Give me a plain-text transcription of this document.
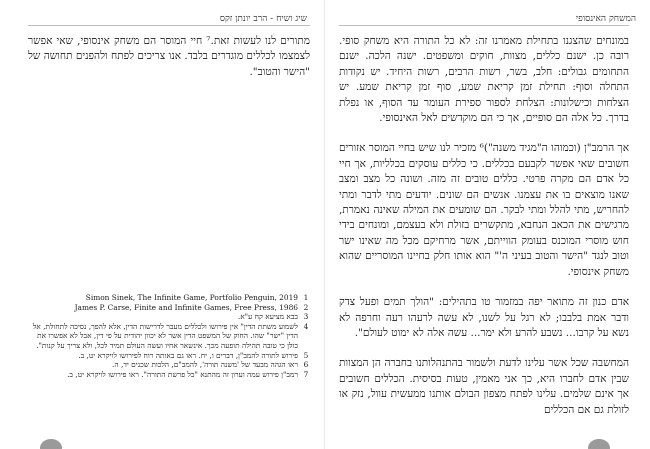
שיג ושיח - הרב יונתן זקס
מתורים לנו לעשות זאת.⁷ חיי המוסר הם משחק אינסופי, שאי אפשר לצמצמו לכללים מוגדרים בלבד. אנו צריכים לפתח ולהפנים תחושה של "הישר והטוב".
Simon Sinek, The Infinite Game, Portfolio Penguin, 2019 1
James P. Carse, Finite and Infinite Games, Free Press, 1986 2
בבא מציעא קח ע"א. 3
לשמוע משתת הדין" אין פירושו ולכללים מעבר לדרישות הדין, אלא להפך, נסיכה לתחולת, אל הדין "ישר" שהו. החוק של המשפט הדין אשר לא יכוון יהודית על פי דין, אבל לא אפשרו את כולן כי טובה תהילה תופעה מכך. אינשאר אחיו ועשה העולם תמיד לכל, ולא צריך על קנות".
4
פירוש לתורה להמב"ן, דברים ו, יח. ראו גם באותה רוח לפירושו לויקרא יט, ב. 5
ראו הגהה מבעד של 'משנה תורה', להמב"ם, הלכות שכנים יד, ה. 6
רמב"ן פירוש עמה וערון זה מהתנא "כל פרשת התורה". ראו פירושו לויקרא יט, ב. 7
המשחק האינסופי

במונחים שהצגנו בתחילת מאמרנו זה: לא כל התורה היא משחק סופי. רובה כן. ישנם כללים, מצוות, חוקים ומשפטים. ישנה הלכה. ישנם התחומים גבולים: חלב, בשר, רשות הרבים, רשות היחיד. יש נקודות התחלה וסוף: תחילת זמן קריאת שמע, סוף זמן קריאת שמע. יש הצלחות וכישלונות: הצלחת לספור ספירת העומר עד הסוף, או נפלת בדרך. כל אלה הם סופיים, אך כי הם מוקדשים לאל האינסופי.

אך הרמב"ן (וכמוהו ה"מגיד משנה")⁶ מזכיר לנו שיש בחיי המוסר אזורים חשובים שאי אפשר לקבעם בכללים. כי כללים עוסקים בכלליות, אך חיי כל אדם הם מקרה פרטי. כללים טובים זה מזה. ושונה כל מצב ומצב שאנו מוצאים בו את עצמנו. אנשים הם שונים. יודעים מתי לדבר ומתי להחריש, מתי להלל ומתי לבקר. הם שומעים את המילה שאינה נאמרת, מרגישים את הכאב הנחבא, מתקשרים בזולת ולא בעצמם, ומונחים בידי חוש מוסרי המוכנס בעומק הווייתם, אשר מרחיקם מכל מה שאינו ישר וטוב לנגד "הישר והטוב בעיני ה'" הוא אותו חלק בחיינו המוסריים שהוא משחק אינסופי.

אדם כנון זה מתואר יפה במזמור טו בתהילים: "הולך תמים ופעל צדק ודבר אמת בלבבו; לא רגל על לשנו, לא עשה לרעהו רעה וחרפה לא נשא על קרבו... נשבע להרע ולא ימר... עשה אלה לא ימוט לעולם".

המחשבה שכל אשר עלינו לדעת ולשמור בהתנהלותנו בחברה הן המצוות שבין אדם לחברו היא, כך אני מאמין, טעות בסיסית. הכללים חשובים אך אינם שלמים. עלינו לפתח מצפון הבולם אותנו ממעשית עוול, נזק או לזולת גם אם הכללים
